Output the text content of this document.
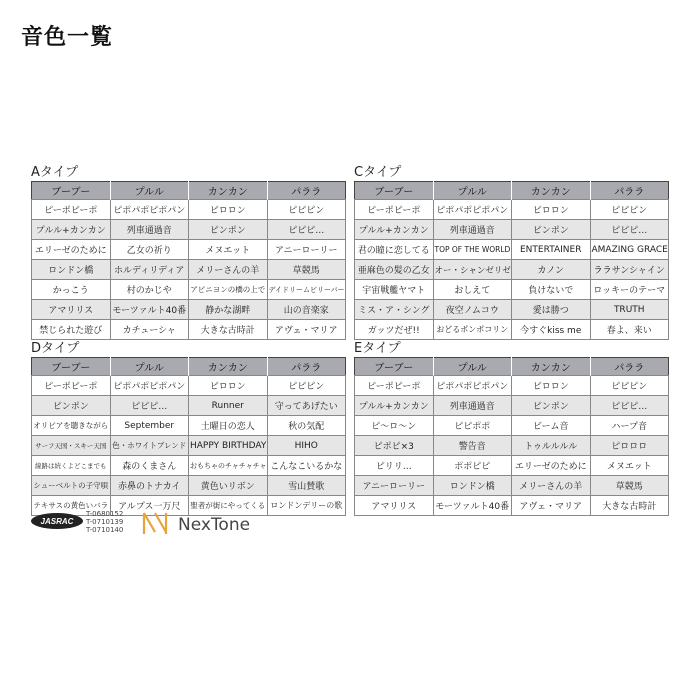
音色一覧
Aタイプ
ブーブー	プルル	カンカン	パララ
ピーポピーポ	ピポパポピポパン	ピロロン	ピピピン
プルル+カンカン	列車通過音	ピンポン	ピピピ…
エリーゼのために	乙女の祈り	メヌエット	アニーローリー
ロンドン橋	ホルディリディア	メリーさんの羊	草競馬
かっこう	村のかじや	アビニヨンの橋の上で	デイドリームビリーバー
アマリリス	モーツァルト40番	静かな湖畔	山の音楽家
禁じられた遊び	カチューシャ	大きな古時計	アヴェ・マリア
Cタイプ
ブーブー	プルル	カンカン	パララ
ピーポピーポ	ピポパポピポパン	ピロロン	ピピピン
プルル+カンカン	列車通過音	ピンポン	ピピピ…
君の瞳に恋してる	TOP OF THE WORLD	ENTERTAINER	AMAZING GRACE
亜麻色の髪の乙女	オー・シャンゼリゼ	カノン	ララサンシャイン
宇宙戦艦ヤマト	おしえて	負けないで	ロッキーのテーマ
ミス・ア・シング	夜空ノムコウ	愛は勝つ	TRUTH
ガッツだぜ!!	おどるポンポコリン	今すぐkiss me	春よ、来い
Dタイプ
ブーブー	プルル	カンカン	パララ
ピーポピーポ	ピポパポピポパン	ピロロン	ピピピン
ピンポン	ピピピ…	Runner	守ってあげたい
オリビアを聴きながら	September	土曜日の恋人	秋の気配
サーフ天国・スキー天国	色・ホワイトブレンド	HAPPY BIRTHDAY	HIHO
線路は続くよどこまでも	森のくまさん	おもちゃのチャチャチャ	こんなこいるかな
シューベルトの子守唄	赤鼻のトナカイ	黄色いリボン	雪山賛歌
テキサスの黄色いバラ	アルプス一万尺	聖者が街にやってくる	ロンドンデリーの歌
Eタイプ
ブーブー	プルル	カンカン	パララ
ピーポピーポ	ピポパポピポパン	ピロロン	ピピピン
プルル+カンカン	列車通過音	ピンポン	ピピピ…
ピ〜ロ〜ン	ピピポポ	ビーム音	ハープ音
ピポピ×3	警告音	トゥルルルル	ピロロロ
ピリリ…	ポポピピ	エリーゼのために	メヌエット
アニーローリー	ロンドン橋	メリーさんの羊	草競馬
アマリリス	モーツァルト40番	アヴェ・マリア	大きな古時計
JASRAC
T-0680152
T-0710139
T-0710140	NexTone
